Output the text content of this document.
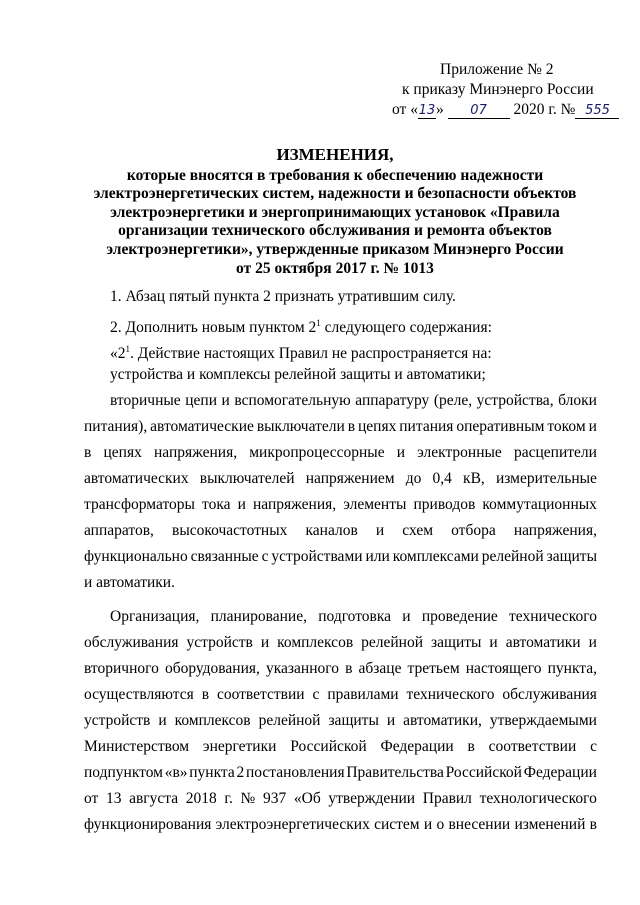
Приложение № 2
к приказу Минэнерго России
от «13» 07 2020 г. № 555
ИЗМЕНЕНИЯ,
которые вносятся в требования к обеспечению надежности
электроэнергетических систем, надежности и безопасности объектов
электроэнергетики и энергопринимающих установок «Правила
организации технического обслуживания и ремонта объектов
электроэнергетики», утвержденные приказом Минэнерго России
от 25 октября 2017 г. № 1013
1. Абзац пятый пункта 2 признать утратившим силу.
2. Дополнить новым пунктом $2^1$ следующего содержания:
«$2^1$. Действие настоящих Правил не распространяется на:
устройства и комплексы релейной защиты и автоматики;
вторичные цепи и вспомогательную аппаратуру (реле, устройства, блоки
питания), автоматические выключатели в цепях питания оперативным током и
в цепях напряжения, микропроцессорные и электронные расцепители
автоматических выключателей напряжением до 0,4 кВ, измерительные
трансформаторы тока и напряжения, элементы приводов коммутационных
аппаратов, высокочастотных каналов и схем отбора напряжения,
функционально связанные с устройствами или комплексами релейной защиты
и автоматики.
Организация, планирование, подготовка и проведение технического
обслуживания устройств и комплексов релейной защиты и автоматики и
вторичного оборудования, указанного в абзаце третьем настоящего пункта,
осуществляются в соответствии с правилами технического обслуживания
устройств и комплексов релейной защиты и автоматики, утверждаемыми
Министерством энергетики Российской Федерации в соответствии с
подпунктом «в» пункта 2 постановления Правительства Российской Федерации
от 13 августа 2018 г. № 937 «Об утверждении Правил технологического
функционирования электроэнергетических систем и о внесении изменений в
